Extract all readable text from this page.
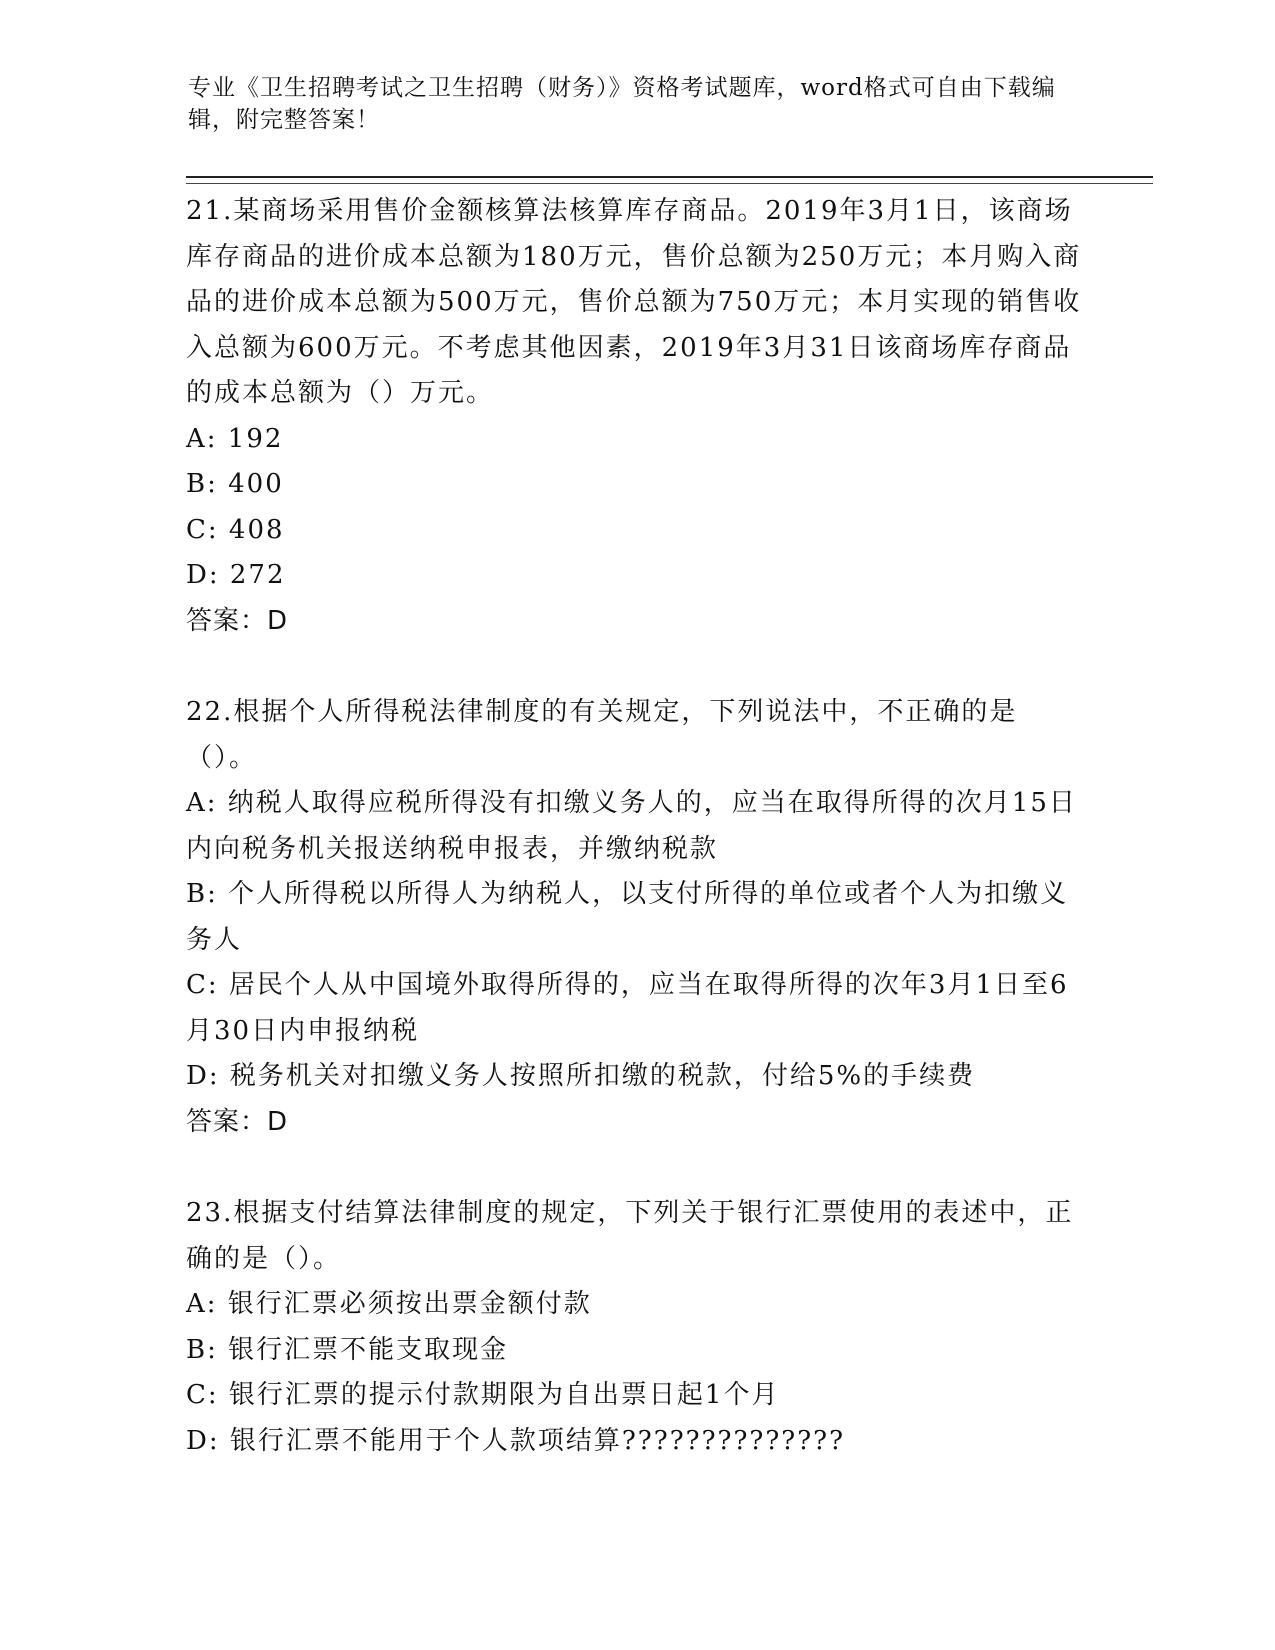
专业《卫生招聘考试之卫生招聘（财务）》资格考试题库，word格式可自由下载编辑，附完整答案！

21.某商场采用售价金额核算法核算库存商品。2019年3月1日，该商场库存商品的进价成本总额为180万元，售价总额为250万元；本月购入商品的进价成本总额为500万元，售价总额为750万元；本月实现的销售收入总额为600万元。不考虑其他因素，2019年3月31日该商场库存商品的成本总额为（）万元。

A: 192

B: 400

C: 408

D: 272

答案：D

22.根据个人所得税法律制度的有关规定，下列说法中，不正确的是（）。

A: 纳税人取得应税所得没有扣缴义务人的，应当在取得所得的次月15日内向税务机关报送纳税申报表，并缴纳税款

B: 个人所得税以所得人为纳税人，以支付所得的单位或者个人为扣缴义务人

C: 居民个人从中国境外取得所得的，应当在取得所得的次年3月1日至6月30日内申报纳税

D: 税务机关对扣缴义务人按照所扣缴的税款，付给5%的手续费

答案：D

23.根据支付结算法律制度的规定，下列关于银行汇票使用的表述中，正确的是（）。

A: 银行汇票必须按出票金额付款

B: 银行汇票不能支取现金

C: 银行汇票的提示付款期限为自出票日起1个月

D: 银行汇票不能用于个人款项结算??????????????
